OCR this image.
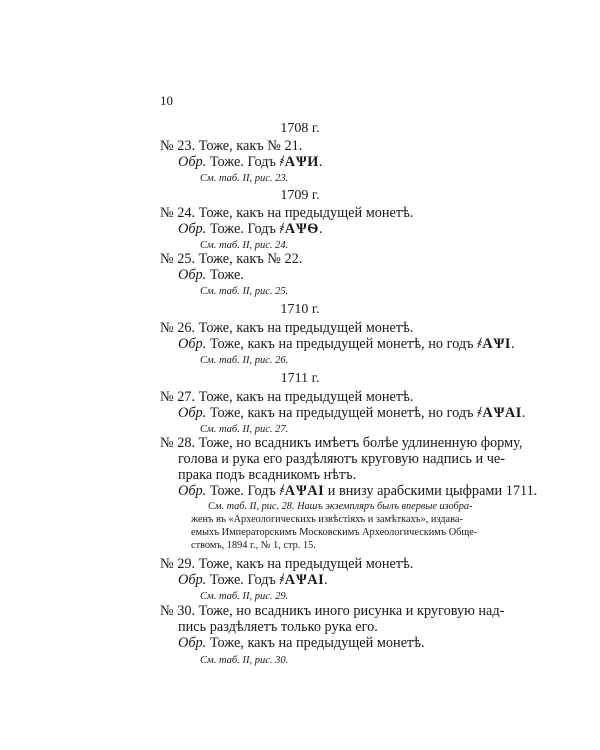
10
1708 г.
№ 23. Тоже, какъ № 21.
Обр. Тоже. Годъ ҂АѰИ.
См. таб. II, рис. 23.
1709 г.
№ 24. Тоже, какъ на предыдущей монетѣ.
Обр. Тоже. Годъ ҂АѰѲ.
См. таб. II, рис. 24.
№ 25. Тоже, какъ № 22.
Обр. Тоже.
См. таб. II, рис. 25.
1710 г.
№ 26. Тоже, какъ на предыдущей монетѣ.
Обр. Тоже, какъ на предыдущей монетѣ, но годъ ҂АѰІ.
См. таб. II, рис. 26.
1711 г.
№ 27. Тоже, какъ на предыдущей монетѣ.
Обр. Тоже, какъ на предыдущей монетѣ, но годъ ҂АѰАІ.
См. таб. II, рис. 27.
№ 28. Тоже, но всадникъ имѣетъ болѣе удлиненную форму,
голова и рука его раздѣляютъ круговую надпись и че-
прака подъ всадникомъ нѣтъ.
Обр. Тоже. Годъ ҂АѰАІ и внизу арабскими цыфрами 1711.
См. таб. II, рис. 28. Нашъ экземпляръ былъ впервые изобра-
женъ въ «Археологическихъ извѣстіяхъ и замѣткахъ», издава-
емыхъ Императорскимъ Московскимъ Археологическимъ Обще-
ствомъ, 1894 г., № 1, стр. 15.
№ 29. Тоже, какъ на предыдущей монетѣ.
Обр. Тоже. Годъ ҂АѰАІ.
См. таб. II, рис. 29.
№ 30. Тоже, но всадникъ иного рисунка и круговую над-
пись раздѣляетъ только рука его.
Обр. Тоже, какъ на предыдущей монетѣ.
См. таб. II, рис. 30.
